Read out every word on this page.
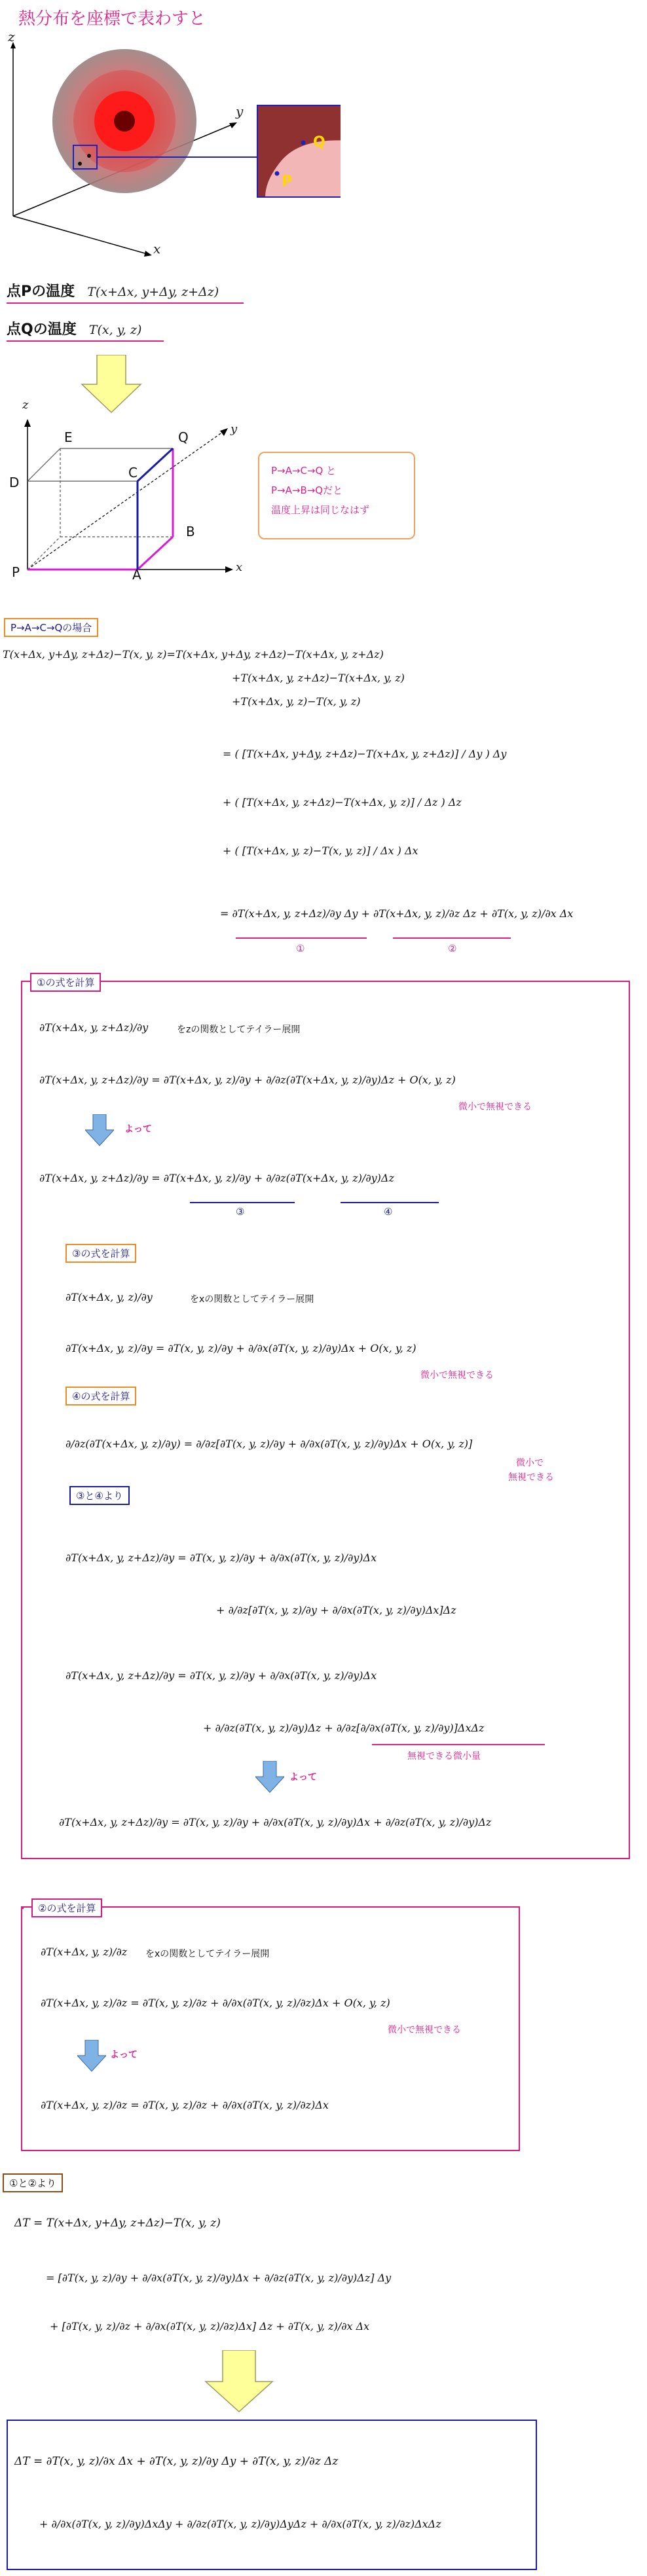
熱分布を座標で表わすと
z
y
x
Q
P
点Pの温度 T(x+Δx, y+Δy, z+Δz)
点Qの温度 T(x, y, z)
z
y
x
E	Q
D
C
B
P	A
P→A→C→Q と
P→A→B→Qだと
温度上昇は同じなはず
P→A→C→Qの場合
T(x+Δx, y+Δy, z+Δz)−T(x, y, z)=T(x+Δx, y+Δy, z+Δz)−T(x+Δx, y, z+Δz)
+T(x+Δx, y, z+Δz)−T(x+Δx, y, z)
+T(x+Δx, y, z)−T(x, y, z)
= ( [T(x+Δx, y+Δy, z+Δz)−T(x+Δx, y, z+Δz)] / Δy ) Δy
+ ( [T(x+Δx, y, z+Δz)−T(x+Δx, y, z)] / Δz ) Δz
+ ( [T(x+Δx, y, z)−T(x, y, z)] / Δx ) Δx
= ∂T(x+Δx, y, z+Δz)/∂y Δy + ∂T(x+Δx, y, z)/∂z Δz + ∂T(x, y, z)/∂x Δx
①	②
①の式を計算
∂T(x+Δx, y, z+Δz)/∂y	をzの関数としてテイラー展開
∂T(x+Δx, y, z+Δz)/∂y = ∂T(x+Δx, y, z)/∂y + ∂/∂z(∂T(x+Δx, y, z)/∂y)Δz + O(x, y, z)
微小で無視できる
よって
∂T(x+Δx, y, z+Δz)/∂y = ∂T(x+Δx, y, z)/∂y + ∂/∂z(∂T(x+Δx, y, z)/∂y)Δz
③	④
③の式を計算
∂T(x+Δx, y, z)/∂y	をxの関数としてテイラー展開
∂T(x+Δx, y, z)/∂y = ∂T(x, y, z)/∂y + ∂/∂x(∂T(x, y, z)/∂y)Δx + O(x, y, z)
微小で無視できる
④の式を計算
∂/∂z(∂T(x+Δx, y, z)/∂y) = ∂/∂z[∂T(x, y, z)/∂y + ∂/∂x(∂T(x, y, z)/∂y)Δx + O(x, y, z)]
微小で
無視できる
③と④より
∂T(x+Δx, y, z+Δz)/∂y = ∂T(x, y, z)/∂y + ∂/∂x(∂T(x, y, z)/∂y)Δx
+ ∂/∂z[∂T(x, y, z)/∂y + ∂/∂x(∂T(x, y, z)/∂y)Δx]Δz
∂T(x+Δx, y, z+Δz)/∂y = ∂T(x, y, z)/∂y + ∂/∂x(∂T(x, y, z)/∂y)Δx
+ ∂/∂z(∂T(x, y, z)/∂y)Δz + ∂/∂z[∂/∂x(∂T(x, y, z)/∂y)]ΔxΔz
無視できる微小量
よって
∂T(x+Δx, y, z+Δz)/∂y = ∂T(x, y, z)/∂y + ∂/∂x(∂T(x, y, z)/∂y)Δx + ∂/∂z(∂T(x, y, z)/∂y)Δz
②の式を計算
∂T(x+Δx, y, z)/∂z をxの関数としてテイラー展開
∂T(x+Δx, y, z)/∂z = ∂T(x, y, z)/∂z + ∂/∂x(∂T(x, y, z)/∂z)Δx + O(x, y, z)
微小で無視できる
よって
∂T(x+Δx, y, z)/∂z = ∂T(x, y, z)/∂z + ∂/∂x(∂T(x, y, z)/∂z)Δx
①と②より
ΔT = T(x+Δx, y+Δy, z+Δz)−T(x, y, z)
= [∂T(x, y, z)/∂y + ∂/∂x(∂T(x, y, z)/∂y)Δx + ∂/∂z(∂T(x, y, z)/∂y)Δz] Δy
+ [∂T(x, y, z)/∂z + ∂/∂x(∂T(x, y, z)/∂z)Δx] Δz + ∂T(x, y, z)/∂x Δx
ΔT = ∂T(x, y, z)/∂x Δx + ∂T(x, y, z)/∂y Δy + ∂T(x, y, z)/∂z Δz
+ ∂/∂x(∂T(x, y, z)/∂y)ΔxΔy + ∂/∂z(∂T(x, y, z)/∂y)ΔyΔz + ∂/∂x(∂T(x, y, z)/∂z)ΔxΔz
